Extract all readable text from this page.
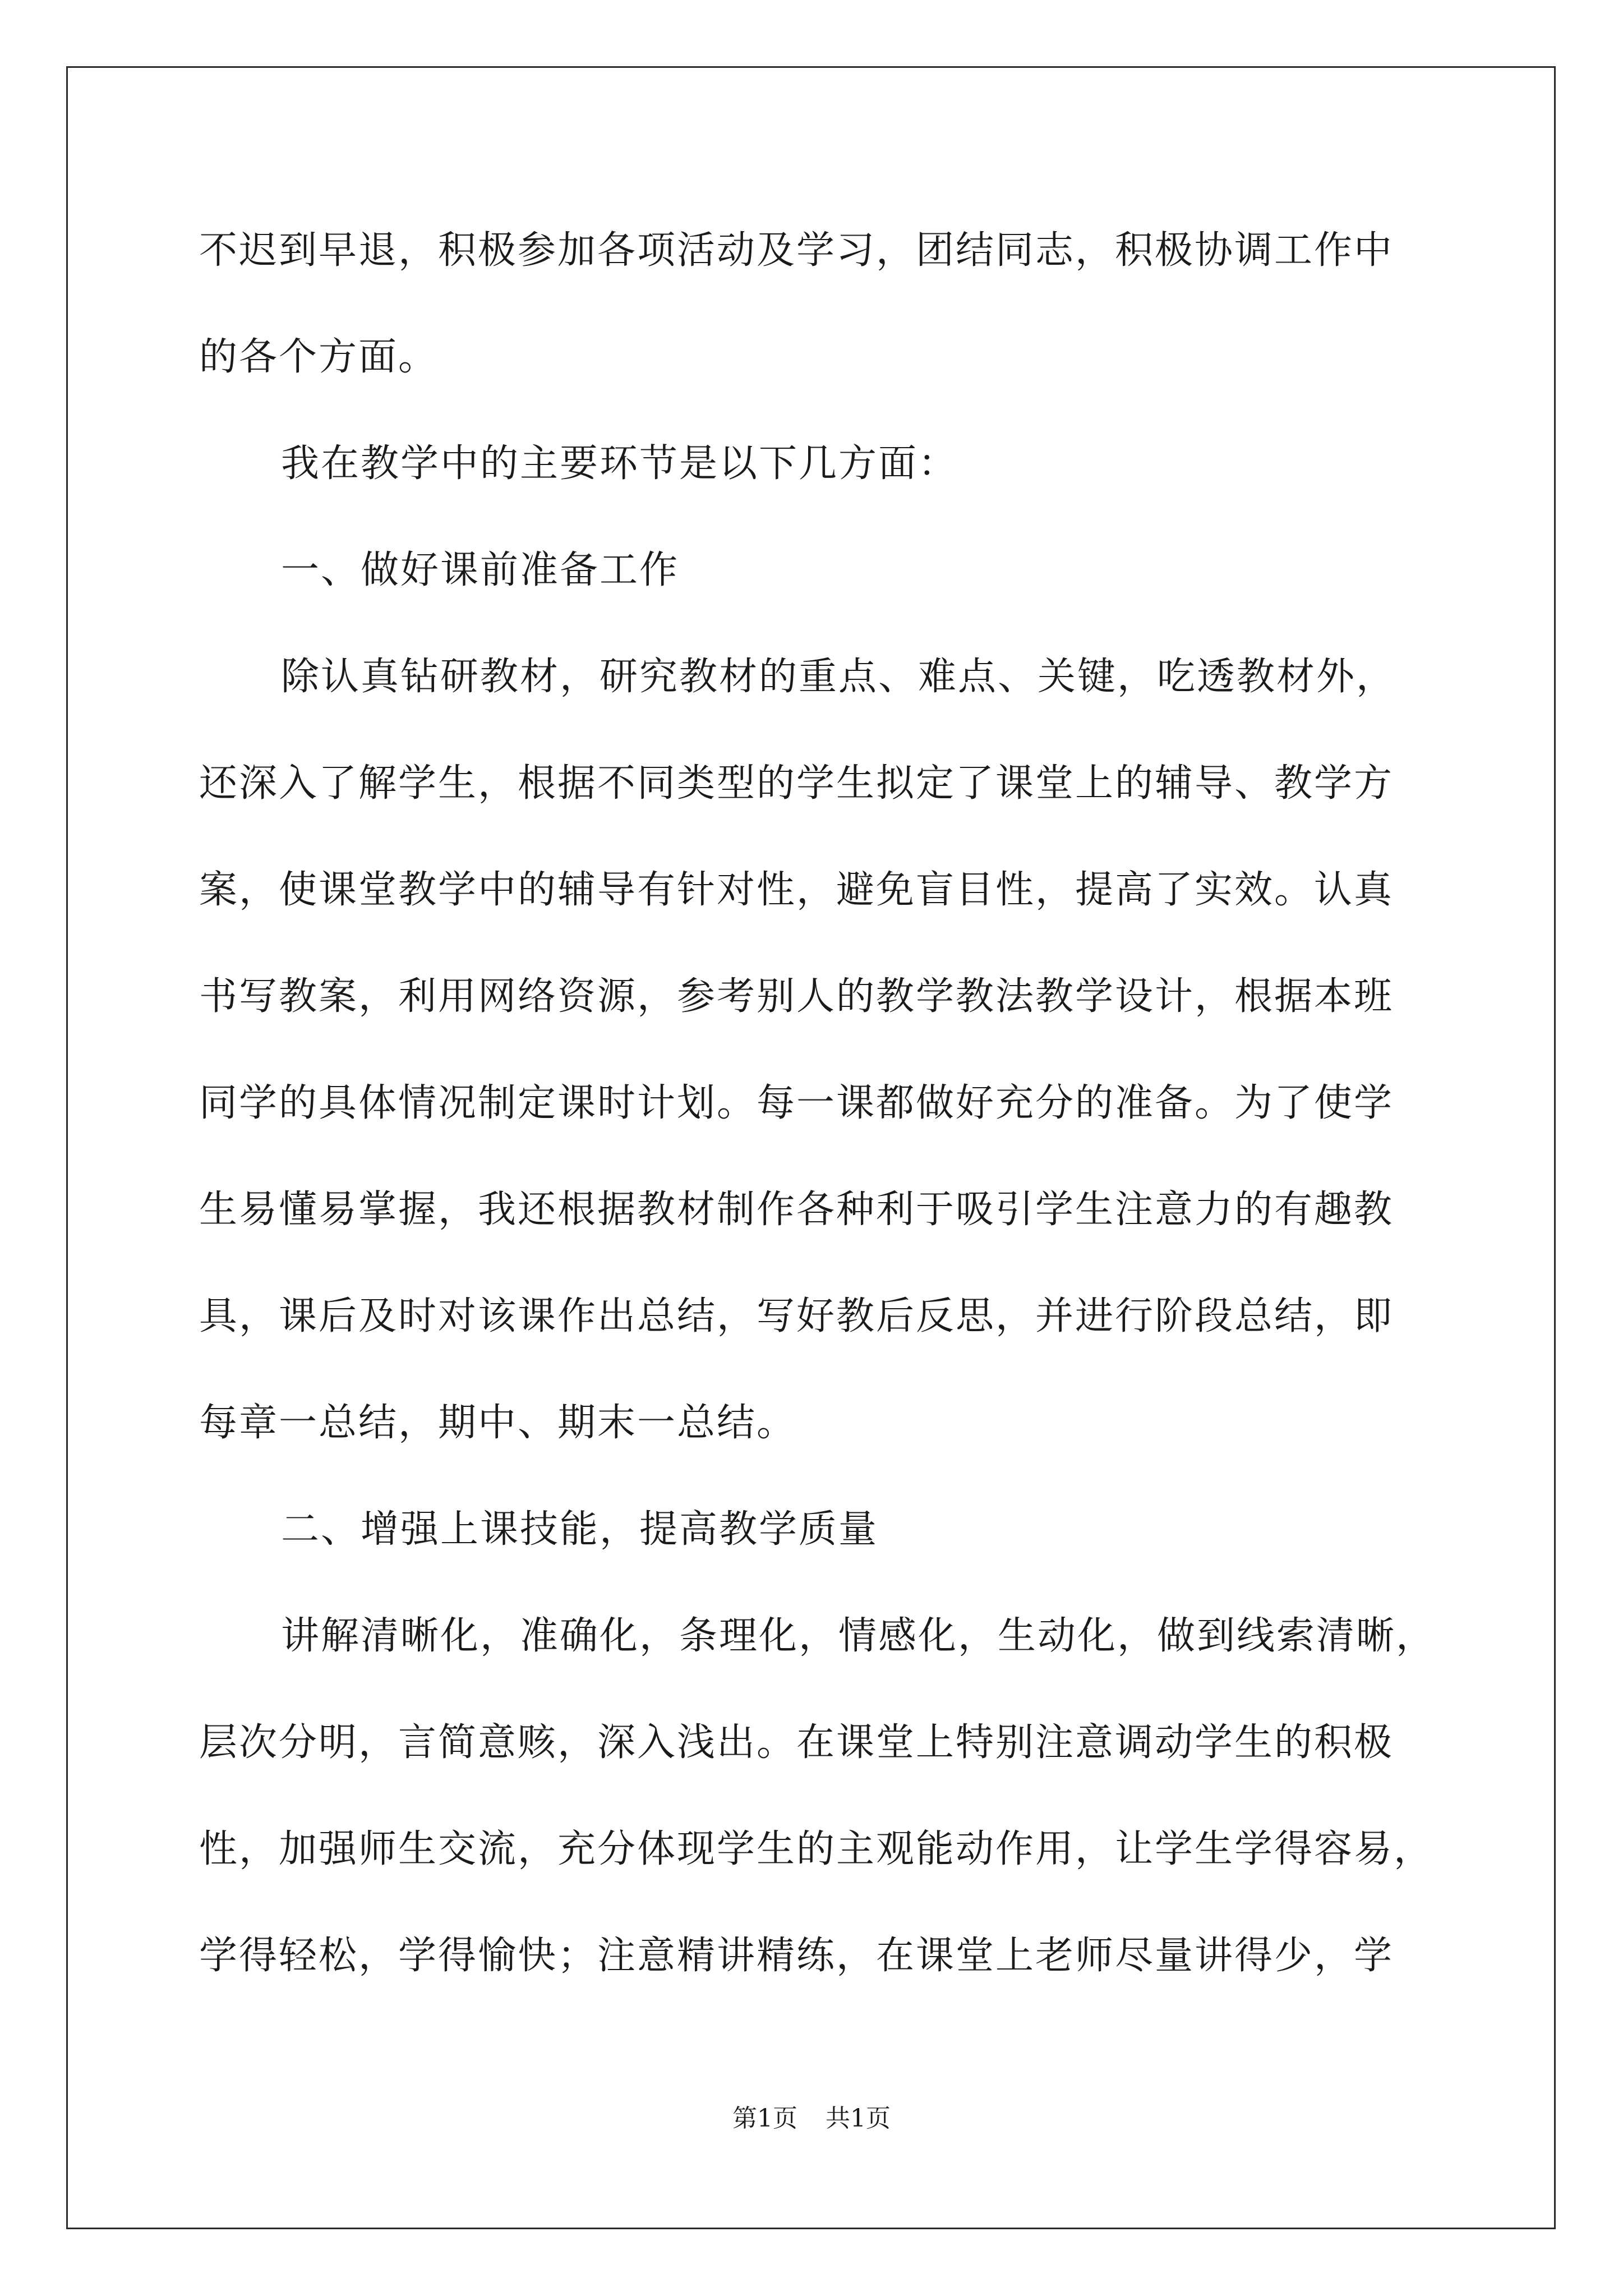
不迟到早退，积极参加各项活动及学习，团结同志，积极协调工作中
的各个方面。
我在教学中的主要环节是以下几方面：
一、做好课前准备工作
除认真钻研教材，研究教材的重点、难点、关键，吃透教材外，
还深入了解学生，根据不同类型的学生拟定了课堂上的辅导、教学方
案，使课堂教学中的辅导有针对性，避免盲目性，提高了实效。认真
书写教案，利用网络资源，参考别人的教学教法教学设计，根据本班
同学的具体情况制定课时计划。每一课都做好充分的准备。为了使学
生易懂易掌握，我还根据教材制作各种利于吸引学生注意力的有趣教
具，课后及时对该课作出总结，写好教后反思，并进行阶段总结，即
每章一总结，期中、期末一总结。
二、增强上课技能，提高教学质量
讲解清晰化，准确化，条理化，情感化，生动化，做到线索清晰，
层次分明，言简意赅，深入浅出。在课堂上特别注意调动学生的积极
性，加强师生交流，充分体现学生的主观能动作用，让学生学得容易，
学得轻松，学得愉快；注意精讲精练，在课堂上老师尽量讲得少，学
第1页 共1页
